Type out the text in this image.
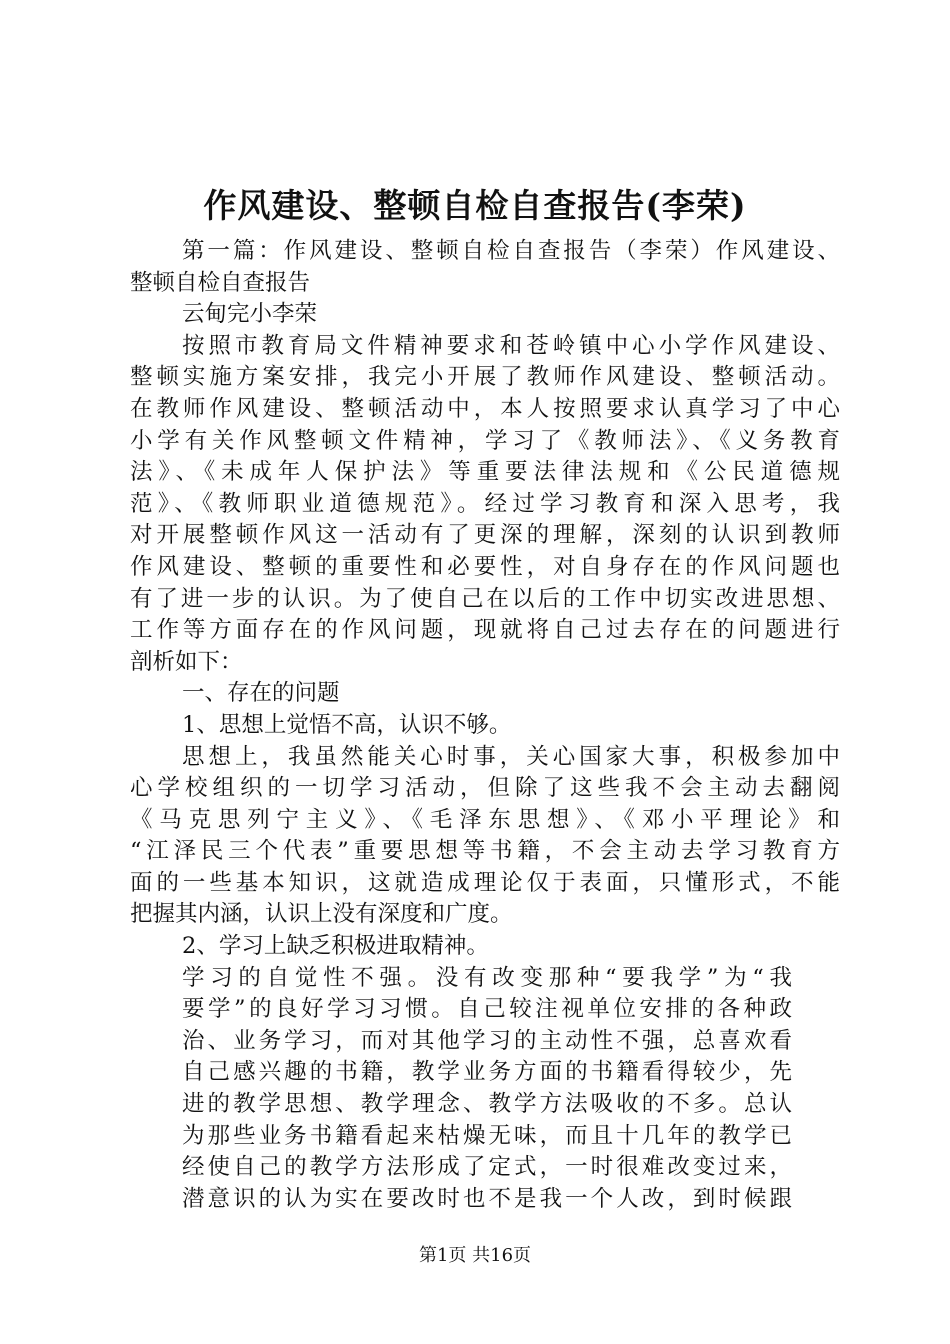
作风建设、整顿自检自查报告(李荣)
第一篇：作风建设、整顿自检自查报告（李荣）作风建设、
整顿自检自查报告
云甸完小李荣
按照市教育局文件精神要求和苍岭镇中心小学作风建设、
整顿实施方案安排，我完小开展了教师作风建设、整顿活动。
在教师作风建设、整顿活动中，本人按照要求认真学习了中心
小学有关作风整顿文件精神，学习了《教师法》、《义务教育
法》、《未成年人保护法》等重要法律法规和《公民道德规
范》、《教师职业道德规范》。经过学习教育和深入思考，我
对开展整顿作风这一活动有了更深的理解，深刻的认识到教师
作风建设、整顿的重要性和必要性，对自身存在的作风问题也
有了进一步的认识。为了使自己在以后的工作中切实改进思想、
工作等方面存在的作风问题，现就将自己过去存在的问题进行
剖析如下：
一、存在的问题
1、思想上觉悟不高，认识不够。
思想上，我虽然能关心时事，关心国家大事，积极参加中
心学校组织的一切学习活动，但除了这些我不会主动去翻阅
《马克思列宁主义》、《毛泽东思想》、《邓小平理论》和
“江泽民三个代表”重要思想等书籍，不会主动去学习教育方
面的一些基本知识，这就造成理论仅于表面，只懂形式，不能
把握其内涵，认识上没有深度和广度。
2、学习上缺乏积极进取精神。
学习的自觉性不强。没有改变那种“要我学”为“我
要学”的良好学习习惯。自己较注视单位安排的各种政
治、业务学习，而对其他学习的主动性不强，总喜欢看
自己感兴趣的书籍，教学业务方面的书籍看得较少，先
进的教学思想、教学理念、教学方法吸收的不多。总认
为那些业务书籍看起来枯燥无味，而且十几年的教学已
经使自己的教学方法形成了定式，一时很难改变过来，
潜意识的认为实在要改时也不是我一个人改，到时候跟
第1页 共16页
